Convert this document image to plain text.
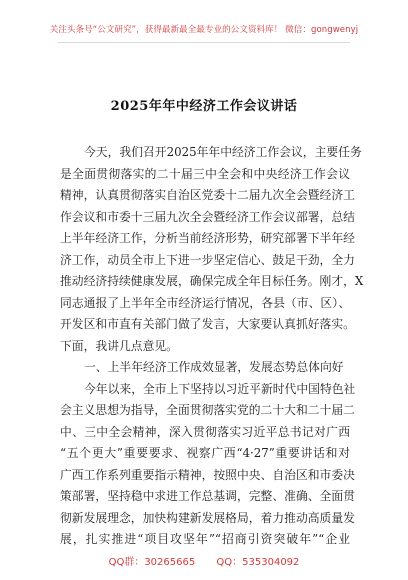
关注头条号“公文研究”，获得最新最全最专业的公文资料库！ 微信：gongwenyj
2025年年中经济工作会议讲话
今天，我们召开2025年年中经济工作会议，主要任务
是全面贯彻落实的二十届三中全会和中央经济工作会议
精神，认真贯彻落实自治区党委十二届九次全会暨经济工
作会议和市委十三届九次全会暨经济工作会议部署，总结
上半年经济工作，分析当前经济形势，研究部署下半年经
济工作，动员全市上下进一步坚定信心、鼓足干劲，全力
推动经济持续健康发展，确保完成全年目标任务。刚才，X
同志通报了上半年全市经济运行情况，各县（市、区）、
开发区和市直有关部门做了发言，大家要认真抓好落实。
下面，我讲几点意见。
一、上半年经济工作成效显著，发展态势总体向好
今年以来，全市上下坚持以习近平新时代中国特色社
会主义思想为指导，全面贯彻落实党的二十大和二十届二
中、三中全会精神，深入贯彻落实习近平总书记对广西
“五个更大”重要要求、视察广西“4·27”重要讲话和对
广西工作系列重要指示精神，按照中央、自治区和市委决
策部署，坚持稳中求进工作总基调，完整、准确、全面贯
彻新发展理念，加快构建新发展格局，着力推动高质量发
展，扎实推进“项目攻坚年”“招商引资突破年”“企业
QQ群：30265665 QQ：535304092
